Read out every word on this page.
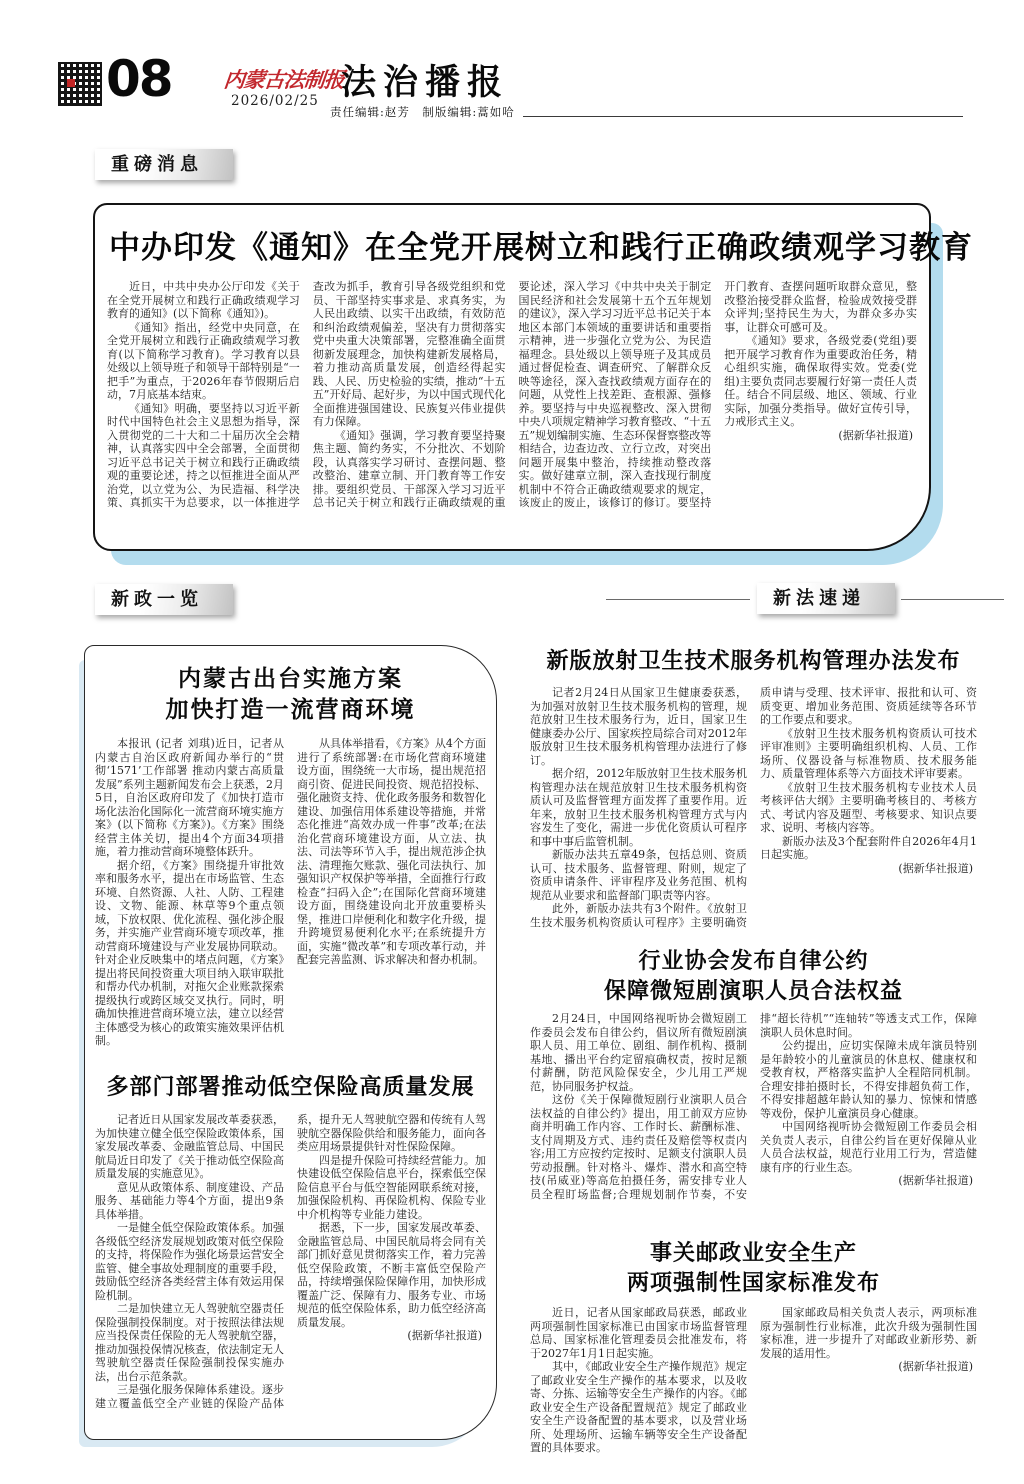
08 内蒙古法制报
2026/02/25 法治播报
责任编辑:赵芳　制版编辑:蒿如哈
重磅消息
新政一览	新法速递
中办印发《通知》在全党开展树立和践行正确政绩观学习教育

近日，中共中央办公厅印发《关于在全党开展树立和践行正确政绩观学习教育的通知》(以下简称《通知》)。

《通知》指出，经党中央同意，在全党开展树立和践行正确政绩观学习教育(以下简称学习教育)。学习教育以县处级以上领导班子和领导干部特别是“一把手”为重点，于2026年春节假期后启动，7月底基本结束。

《通知》明确，要坚持以习近平新时代中国特色社会主义思想为指导，深入贯彻党的二十大和二十届历次全会精神，认真落实四中全会部署，全面贯彻习近平总书记关于树立和践行正确政绩观的重要论述，持之以恒推进全面从严治党，以立党为公、为民造福、科学决策、真抓实干为总要求，以一体推进学查改为抓手，教育引导各级党组织和党员、干部坚持实事求是、求真务实，为人民出政绩、以实干出政绩，有效防范和纠治政绩观偏差，坚决有力贯彻落实党中央重大决策部署，完整准确全面贯彻新发展理念，加快构建新发展格局，着力推动高质量发展，创造经得起实践、人民、历史检验的实绩，推动“十五五”开好局、起好步，为以中国式现代化全面推进强国建设、民族复兴伟业提供有力保障。

《通知》强调，学习教育要坚持聚焦主题、简约务实，不分批次、不划阶段，认真落实学习研讨、查摆问题、整改整治、建章立制、开门教育等工作安排。要组织党员、干部深入学习习近平总书记关于树立和践行正确政绩观的重要论述，深入学习《中共中央关于制定国民经济和社会发展第十五个五年规划的建议》，深入学习习近平总书记关于本地区本部门本领域的重要讲话和重要指示精神，进一步强化立党为公、为民造福理念。县处级以上领导班子及其成员通过督促检查、调查研究、了解群众反映等途径，深入查找政绩观方面存在的问题，从党性上找差距、查根源、强修养。要坚持与中央巡视整改、深入贯彻中央八项规定精神学习教育整改、“十五五”规划编制实施、生态环保督察整改等相结合，边查边改、立行立改，对突出问题开展集中整治，持续推动整改落实。做好建章立制，深入查找现行制度机制中不符合正确政绩观要求的规定，该废止的废止，该修订的修订。要坚持开门教育、查摆问题听取群众意见，整改整治接受群众监督，检验成效接受群众评判;坚持民生为大，为群众多办实事，让群众可感可及。

《通知》要求，各级党委(党组)要把开展学习教育作为重要政治任务，精心组织实施，确保取得实效。党委(党组)主要负责同志要履行好第一责任人责任。结合不同层级、地区、领域、行业实际，加强分类指导。做好宣传引导，力戒形式主义。

(据新华社报道)

内蒙古出台实施方案
加快打造一流营商环境

本报讯 (记者 刘琪)近日，记者从内蒙古自治区政府新闻办举行的“贯彻‘1571’工作部署 推动内蒙古高质量发展”系列主题新闻发布会上获悉，2月5日，自治区政府印发了《加快打造市场化法治化国际化一流营商环境实施方案》(以下简称《方案》)。《方案》围绕经营主体关切，提出4个方面34项措施，着力推动营商环境整体跃升。

据介绍，《方案》围绕提升审批效率和服务水平，提出在市场监管、生态环境、自然资源、人社、人防、工程建设、文物、能源、林草等9个重点领域，下放权限、优化流程、强化涉企服务，并实施产业营商环境专项改革，推动营商环境建设与产业发展协同联动。针对企业反映集中的堵点问题，《方案》提出将民间投资重大项目纳入联审联批和帮办代办机制，对拖欠企业账款探索提级执行或跨区域交叉执行。同时，明确加快推进营商环境立法，建立以经营主体感受为核心的政策实施效果评估机制。

从具体举措看，《方案》从4个方面进行了系统部署:在市场化营商环境建设方面，围绕统一大市场，提出规范招商引资、促进民间投资、规范招投标、强化融资支持、优化政务服务和数智化建设、加强信用体系建设等措施，并常态化推进“高效办成一件事”改革;在法治化营商环境建设方面，从立法、执法、司法等环节入手，提出规范涉企执法、清理拖欠账款、强化司法执行、加强知识产权保护等举措，全面推行行政检查“扫码入企”;在国际化营商环境建设方面，围绕建设向北开放重要桥头堡，推进口岸便利化和数字化升级，提升跨境贸易便利化水平;在系统提升方面，实施“微改革”和专项改革行动，并配套完善监测、诉求解决和督办机制。

多部门部署推动低空保险高质量发展

记者近日从国家发展改革委获悉，为加快建立健全低空保险政策体系，国家发展改革委、金融监管总局、中国民航局近日印发了《关于推动低空保险高质量发展的实施意见》。

意见从政策体系、制度建设、产品服务、基础能力等4个方面，提出9条具体举措。

一是健全低空保险政策体系。加强各级低空经济发展规划政策对低空保险的支持，将保险作为强化场景运营安全监管、健全事故处理制度的重要手段，鼓励低空经济各类经营主体有效运用保险机制。

二是加快建立无人驾驶航空器责任保险强制投保制度。对于按照法律法规应当投保责任保险的无人驾驶航空器，推动加强投保情况核查，依法制定无人驾驶航空器责任保险强制投保实施办法，出台示范条款。

三是强化服务保障体系建设。逐步建立覆盖低空全产业链的保险产品体系，提升无人驾驶航空器和传统有人驾驶航空器保险供给和服务能力，面向各类应用场景提供针对性保险保障。

四是提升保险可持续经营能力。加快建设低空保险信息平台，探索低空保险信息平台与低空智能网联系统对接，加强保险机构、再保险机构、保险专业中介机构等专业能力建设。

据悉，下一步，国家发展改革委、金融监管总局、中国民航局将会同有关部门抓好意见贯彻落实工作，着力完善低空保险政策，不断丰富低空保险产品，持续增强保险保障作用，加快形成覆盖广泛、保障有力、服务专业、市场规范的低空保险体系，助力低空经济高质量发展。

(据新华社报道)

新版放射卫生技术服务机构管理办法发布

记者2月24日从国家卫生健康委获悉，为加强对放射卫生技术服务机构的管理，规范放射卫生技术服务行为，近日，国家卫生健康委办公厅、国家疾控局综合司对2012年版放射卫生技术服务机构管理办法进行了修订。

据介绍，2012年版放射卫生技术服务机构管理办法在规范放射卫生技术服务机构资质认可及监督管理方面发挥了重要作用。近年来，放射卫生技术服务机构管理方式与内容发生了变化，需进一步优化资质认可程序和事中事后监管机制。

新版办法共五章49条，包括总则、资质认可、技术服务、监督管理、附则，规定了资质申请条件、评审程序及业务范围、机构规范从业要求和监督部门职责等内容。

此外，新版办法共有3个附件。《放射卫生技术服务机构资质认可程序》主要明确资质申请与受理、技术评审、报批和认可、资质变更、增加业务范围、资质延续等各环节的工作要点和要求。

《放射卫生技术服务机构资质认可技术评审准则》主要明确组织机构、人员、工作场所、仪器设备与标准物质、技术服务能力、质量管理体系等六方面技术评审要素。

《放射卫生技术服务机构专业技术人员考核评估大纲》主要明确考核目的、考核方式、考试内容及题型、考核要求、知识点要求、说明、考核内容等。

新版办法及3个配套附件自2026年4月1日起实施。

(据新华社报道)

行业协会发布自律公约
保障微短剧演职人员合法权益

2月24日，中国网络视听协会微短剧工作委员会发布自律公约，倡议所有微短剧演职人员、用工单位、剧组、制作机构、摄制基地、播出平台约定留痕确权责，按时足额付薪酬，防范风险保安全，少儿用工严规范，协同服务护权益。

这份《关于保障微短剧行业演职人员合法权益的自律公约》提出，用工前双方应协商并明确工作内容、工作时长、薪酬标准、支付周期及方式、违约责任及赔偿等权责内容;用工方应按约定按时、足额支付演职人员劳动报酬。针对格斗、爆炸、潜水和高空特技(吊威亚)等高危拍摄任务，需安排专业人员全程盯场监督;合理规划制作节奏，不安排“超长待机”“连轴转”等透支式工作，保障演职人员休息时间。

公约提出，应切实保障未成年演员特别是年龄较小的儿童演员的休息权、健康权和受教育权，严格落实监护人全程陪同机制。合理安排拍摄时长，不得安排超负荷工作，不得安排超越年龄认知的暴力、惊悚和情感等戏份，保护儿童演员身心健康。

中国网络视听协会微短剧工作委员会相关负责人表示，自律公约旨在更好保障从业人员合法权益，规范行业用工行为，营造健康有序的行业生态。

(据新华社报道)

事关邮政业安全生产
两项强制性国家标准发布

近日，记者从国家邮政局获悉，邮政业两项强制性国家标准已由国家市场监督管理总局、国家标准化管理委员会批准发布，将于2027年1月1日起实施。

其中，《邮政业安全生产操作规范》规定了邮政业安全生产操作的基本要求，以及收寄、分拣、运输等安全生产操作的内容。《邮政业安全生产设备配置规范》规定了邮政业安全生产设备配置的基本要求，以及营业场所、处理场所、运输车辆等安全生产设备配置的具体要求。

国家邮政局相关负责人表示，两项标准原为强制性行业标准，此次升级为强制性国家标准，进一步提升了对邮政业新形势、新发展的适用性。

(据新华社报道)
